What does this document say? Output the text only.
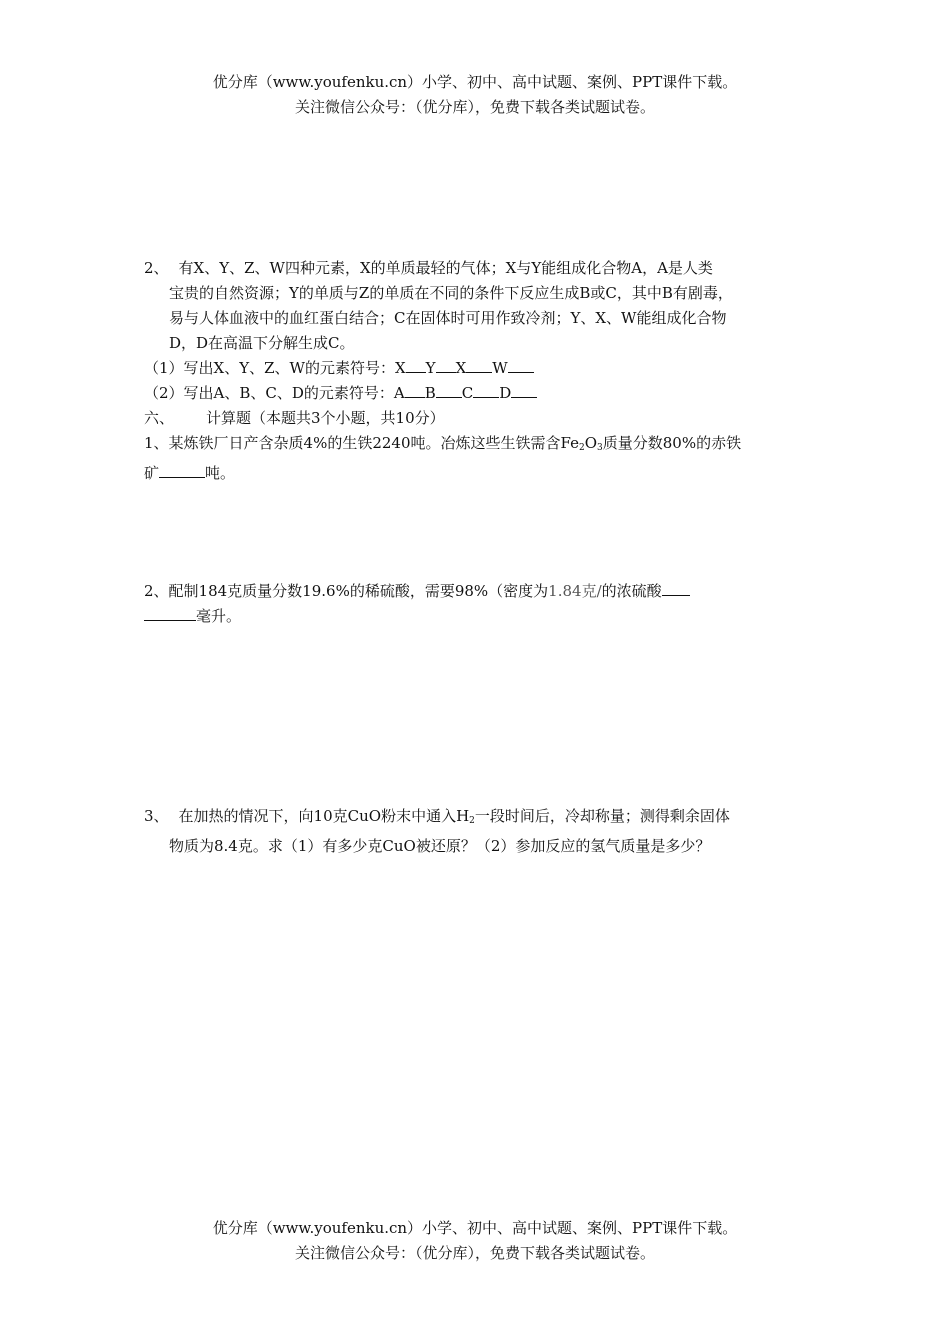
优分库（www.youfenku.cn）小学、初中、高中试题、案例、PPT课件下载。
关注微信公众号：（优分库），免费下载各类试题试卷。
2、 有X、Y、Z、W四种元素，X的单质最轻的气体；X与Y能组成化合物A，A是人类
宝贵的自然资源；Y的单质与Z的单质在不同的条件下反应生成B或C，其中B有剧毒，
易与人体血液中的血红蛋白结合；C在固体时可用作致冷剂；Y、X、W能组成化合物
D，D在高温下分解生成C。
（1）写出X、Y、Z、W的元素符号：X Y X W
（2）写出A、B、C、D的元素符号：A B C D
六、 计算题（本题共3个小题，共10分）
1、某炼铁厂日产含杂质4%的生铁2240吨。冶炼这些生铁需含$Fe_2O_3$质量分数80%的赤铁
矿	吨。
2、配制184克质量分数19.6%的稀硫酸，需要98%（密度为1.84克/的浓硫酸
毫升。
3、 在加热的情况下，向10克CuO粉末中通入$H_2$一段时间后，冷却称量；测得剩余固体
物质为8.4克。求（1）有多少克CuO被还原？（2）参加反应的氢气质量是多少？
优分库（www.youfenku.cn）小学、初中、高中试题、案例、PPT课件下载。
关注微信公众号：（优分库），免费下载各类试题试卷。
